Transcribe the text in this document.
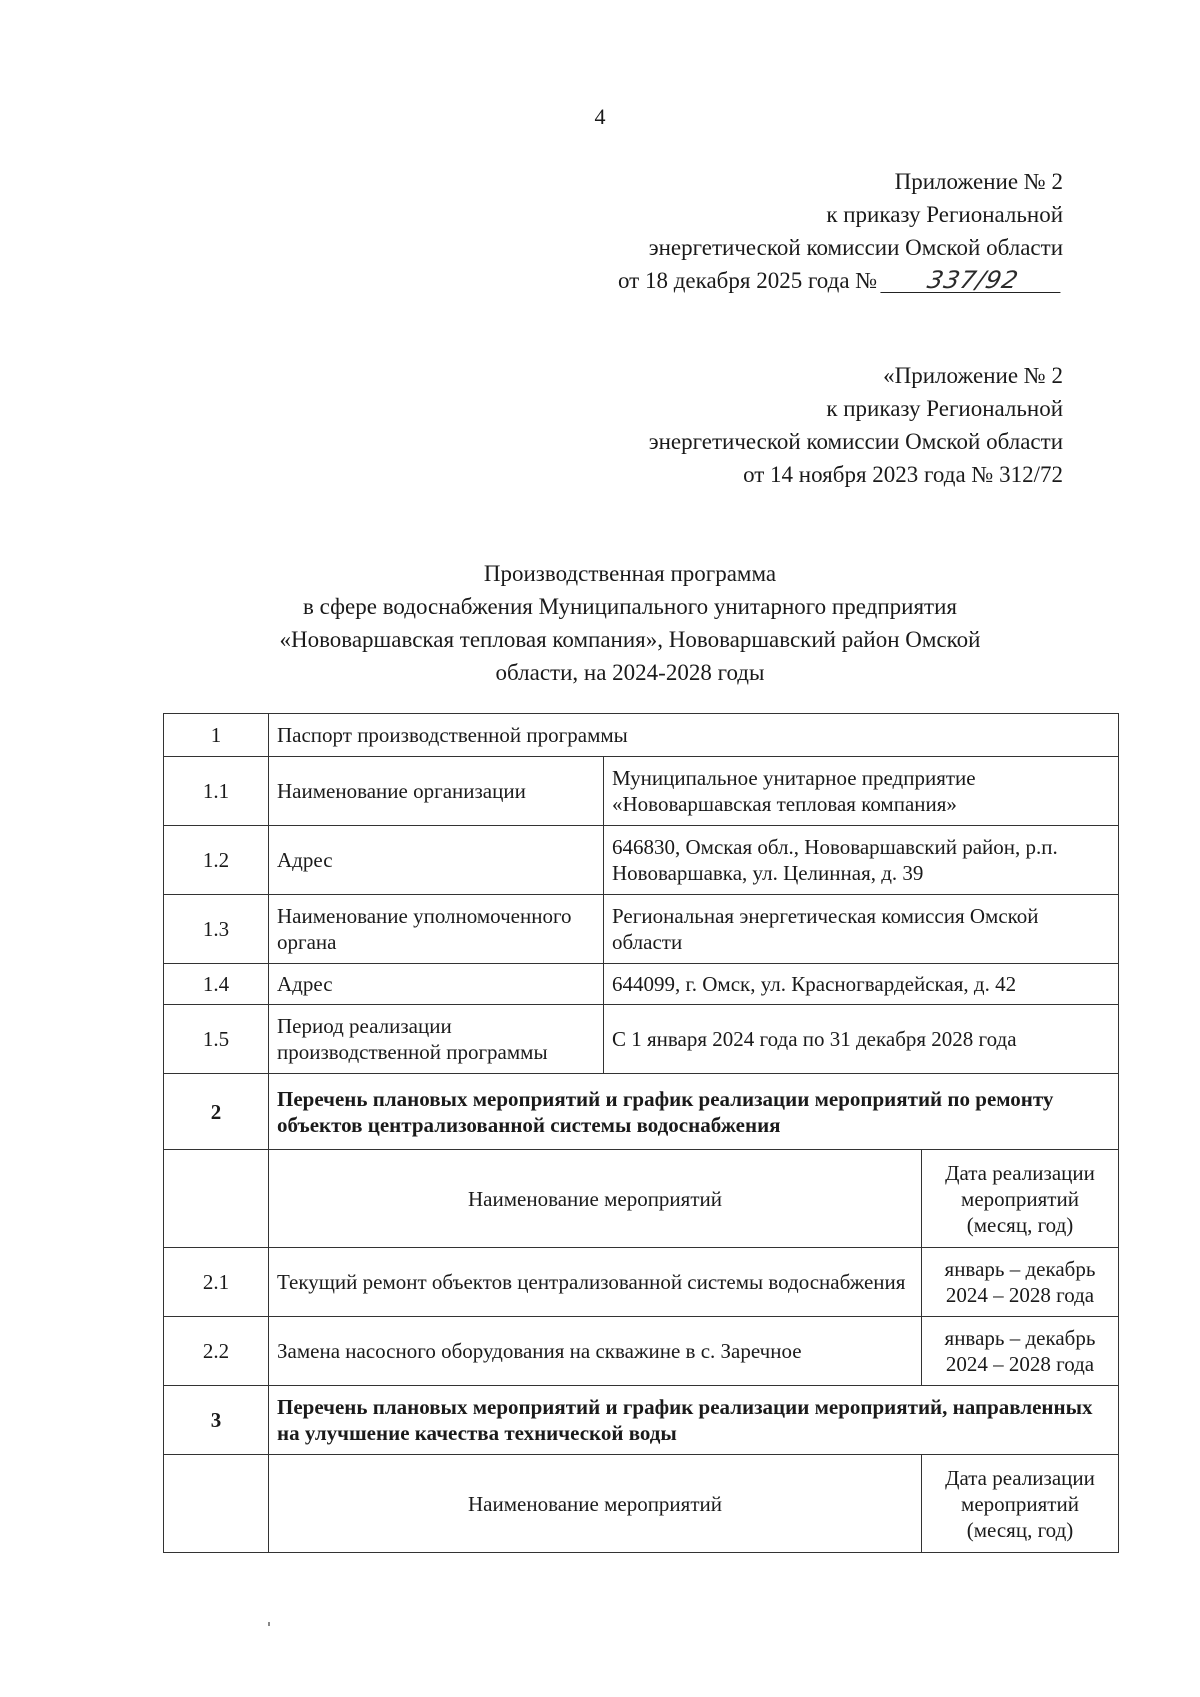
4
Приложение № 2
к приказу Региональной
энергетической комиссии Омской области
от 18 декабря 2025 года № 337/92
«Приложение № 2
к приказу Региональной
энергетической комиссии Омской области
от 14 ноября 2023 года № 312/72
Производственная программа
в сфере водоснабжения Муниципального унитарного предприятия
«Нововаршавская тепловая компания», Нововаршавский район Омской
области, на 2024-2028 годы
1	Паспорт производственной программы		
1.1	Наименование организации	Муниципальное унитарное предприятие «Нововаршавская тепловая компания»	
1.2	Адрес	646830, Омская обл., Нововаршавский район, р.п. Нововаршавка, ул. Целинная, д. 39	
1.3	Наименование уполномоченного органа	Региональная энергетическая комиссия Омской области	
1.4	Адрес	644099, г. Омск, ул. Красногвардейская, д. 42	
1.5	Период реализации производственной программы	С 1 января 2024 года по 31 декабря 2028 года	
2	Перечень плановых мероприятий и график реализации мероприятий по ремонту объектов централизованной системы водоснабжения		
	Наименование мероприятий		Дата реализации мероприятий (месяц, год)
2.1	Текущий ремонт объектов централизованной системы водоснабжения		январь – декабрь 2024 – 2028 года
2.2	Замена насосного оборудования на скважине в с. Заречное		январь – декабрь 2024 – 2028 года
3	Перечень плановых мероприятий и график реализации мероприятий, направленных на улучшение качества технической воды		
	Наименование мероприятий		Дата реализации мероприятий (месяц, год)
